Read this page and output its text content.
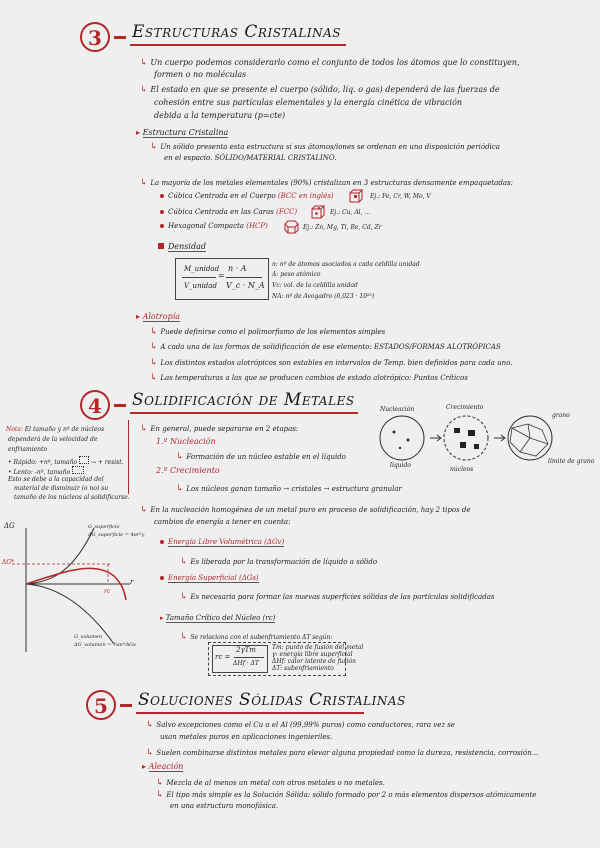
3	Estructuras Cristalinas
↳ Un cuerpo podemos considerarlo como el conjunto de todos los átomos que lo constituyen,
formen o no moléculas
↳ El estado en que se presente el cuerpo (sólido, líq. o gas) dependerá de las fuerzas de
cohesión entre sus partículas elementales y la energía cinética de vibración
debida a la temperatura (p=cte)
▸ Estructura Cristalina
↳ Un sólido presenta esta estructura si sus átomos/iones se ordenan en una disposición periódica
en el espacio. SÓLIDO/MATERIAL CRISTALINO.
↳ La mayoría de los metales elementales (90%) cristalizan en 3 estructuras densamente empaquetadas:
Cúbica Centrada en el Cuerpo (BCC en inglés)	Ej.: Fe, Cr, W, Mo, V
Cúbica Centrada en las Caras (FCC)	Ej.: Cu, Al, ...
Hexagonal Compacta (HCP)	Ej.: Zn, Mg, Ti, Be, Cd, Zr
Densidad
M_unidad
V_unidad
=
n · A
V_c · N_A
n: nº de átomos asociados a cada celdilla unidad
A: peso atómico
Vc: vol. de la celdilla unidad
NA: nº de Avogadro (6,023 · 10²³)
▸ Alotropía
↳ Puede definirse como el polimorfismo de los elementos simples
↳ A cada una de las formas de solidificación de ese elemento: ESTADOS/FORMAS ALOTRÓPICAS
↳ Los distintos estados alotrópicos son estables en intervalos de Temp. bien definidos para cada uno.
↳ Las temperaturas a las que se producen cambios de estado alotrópico: Puntos Críticos
4	Solidificación de Metales
↳ En general, puede separarse en 2 etapas:
1.º Nucleación
↳ Formación de un núcleo estable en el líquido
2.º Crecimiento
↳ Los núcleos ganan tamaño → cristales → estructura granular
Nucleación	Crecimiento
grano
límite de grano
núcleos
líquido
Nota: El tamaño y nº de núcleos
dependerá de la velocidad de
enfriamiento
• Rápido: +nº, tamaño → + resist.
• Lento: -nº, tamaño
Esto se debe a la capacidad del
material de disminuir (o no) su
tamaño de los núcleos al solidificarse.
↳ En la nucleación homogénea de un metal puro en proceso de solidificación, hay 2 tipos de
cambios de energía a tener en cuenta:
Energía Libre Volumétrica (ΔGv)
↳ Es liberada por la transformación de líquido a sólido
Energía Superficial (ΔGs)
↳ Es necesaria para formar las nuevas superficies sólidas de las partículas solidificadas
▸ Tamaño Crítico del Núcleo (rc)
↳ Se relaciona con el subenfriamiento ΔT según:
rc =
2γTm
ΔHf · ΔT
Tm: punto de fusión del metal
γ: energía libre superficial
ΔHf: calor latente de fusión
ΔT: subenfriamiento
ΔG	G_superficie
ΔG_superficie = 4πr²γ
G_volumen
ΔG_volumen = ⁴⁄₃πr³ΔGv
rc
r
ΔG*
5	Soluciones Sólidas Cristalinas
↳ Salvo excepciones como el Cu o el Al (99,99% puros) como conductores, rara vez se
usan metales puros en aplicaciones ingenieriles.
↳ Suelen combinarse distintos metales para elevar alguna propiedad como la dureza, resistencia, corrosión...
▸ Aleación
↳ Mezcla de al menos un metal con otros metales o no metales.
↳ El tipo más simple es la Solución Sólida: sólido formado por 2 o más elementos dispersos atómicamente
en una estructura monofásica.
